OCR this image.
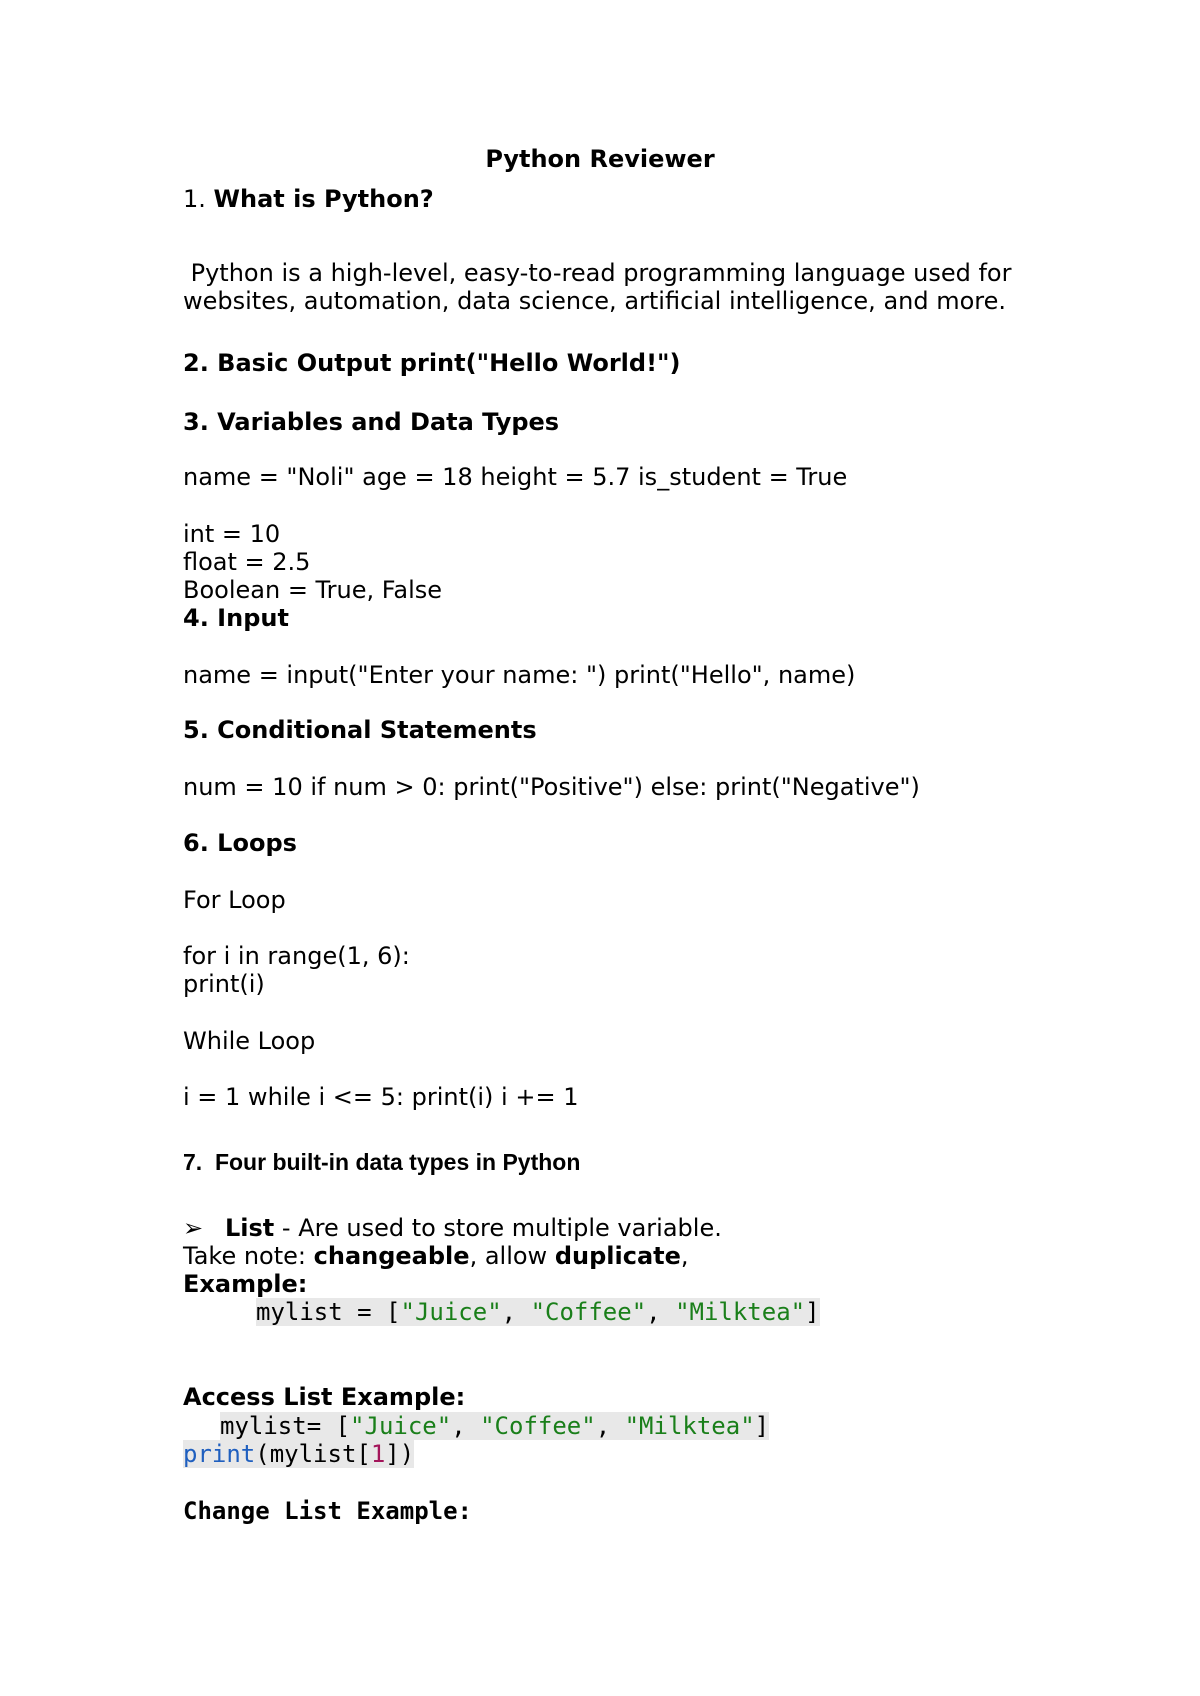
Python Reviewer

1. What is Python?

Python is a high-level, easy-to-read programming language used for

websites, automation, data science, artificial intelligence, and more.

2. Basic Output print("Hello World!")

3. Variables and Data Types

name = "Noli" age = 18 height = 5.7 is_student = True

int = 10

float = 2.5

Boolean = True, False

4. Input

name = input("Enter your name: ") print("Hello", name)

5. Conditional Statements

num = 10 if num > 0: print("Positive") else: print("Negative")

6. Loops

For Loop

for i in range(1, 6):

print(i)

While Loop

i = 1 while i <= 5: print(i) i += 1

7.  Four built-in data types in Python

➢ List - Are used to store multiple variable.

Take note: changeable, allow duplicate,

Example:

mylist = ["Juice", "Coffee", "Milktea"]

Access List Example:

mylist= ["Juice", "Coffee", "Milktea"]

print(mylist[1])

Change List Example:
